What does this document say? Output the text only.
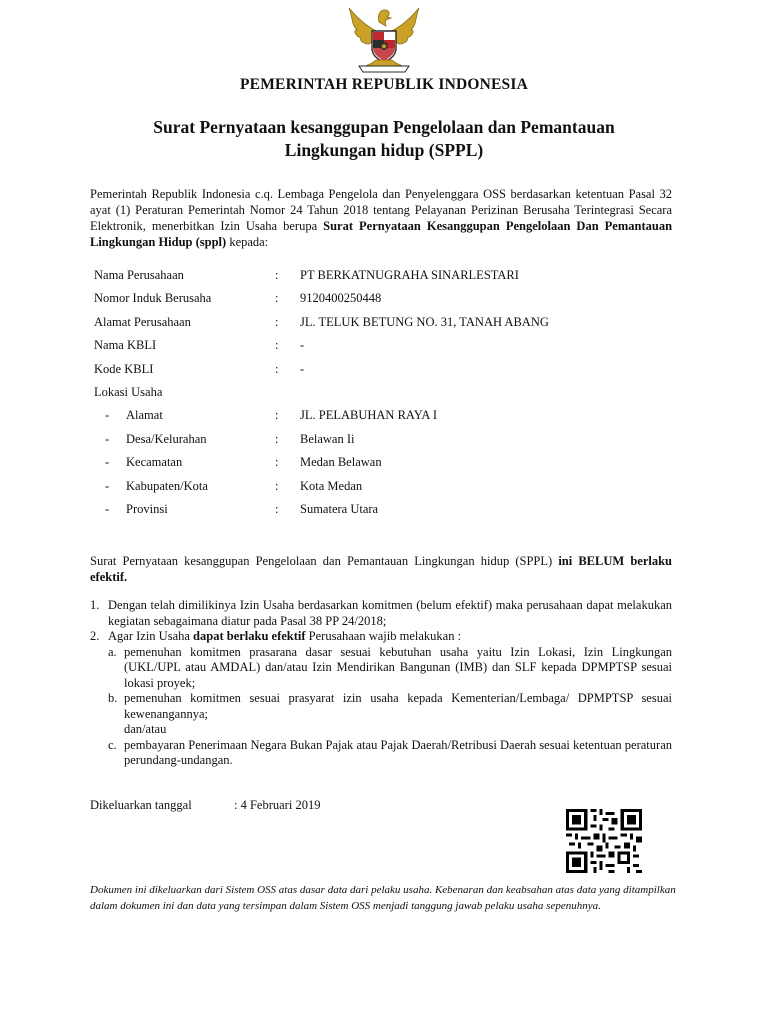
PEMERINTAH REPUBLIK INDONESIA
Surat Pernyataan kesanggupan Pengelolaan dan Pemantauan
Lingkungan hidup (SPPL)
Pemerintah Republik Indonesia c.q. Lembaga Pengelola dan Penyelenggara OSS berdasarkan ketentuan Pasal 32 ayat (1) Peraturan Pemerintah Nomor 24 Tahun 2018 tentang Pelayanan Perizinan Berusaha Terintegrasi Secara Elektronik, menerbitkan Izin Usaha berupa Surat Pernyataan Kesanggupan Pengelolaan Dan Pemantauan Lingkungan Hidup (sppl) kepada:
Nama Perusahaan	: PT BERKATNUGRAHA SINARLESTARI
Nomor Induk Berusaha	: 9120400250448
Alamat Perusahaan	: JL. TELUK BETUNG NO. 31, TANAH ABANG
Nama KBLI	: -
Kode KBLI	: -
Lokasi Usaha
- Alamat	: JL. PELABUHAN RAYA I
- Desa/Kelurahan	: Belawan Ii
- Kecamatan	: Medan Belawan
- Kabupaten/Kota	: Kota Medan
- Provinsi	: Sumatera Utara
Surat Pernyataan kesanggupan Pengelolaan dan Pemantauan Lingkungan hidup (SPPL) ini BELUM berlaku efektif.
1. Dengan telah dimilikinya Izin Usaha berdasarkan komitmen (belum efektif) maka perusahaan dapat melakukan kegiatan sebagaimana diatur pada Pasal 38 PP 24/2018;
2. Agar Izin Usaha dapat berlaku efektif Perusahaan wajib melakukan :
a. pemenuhan komitmen prasarana dasar sesuai kebutuhan usaha yaitu Izin Lokasi, Izin Lingkungan (UKL/UPL atau AMDAL) dan/atau Izin Mendirikan Bangunan (IMB) dan SLF kepada DPMPTSP sesuai lokasi proyek;
b. pemenuhan komitmen sesuai prasyarat izin usaha kepada Kementerian/Lembaga/ DPMPTSP sesuai kewenangannya;
dan/atau
c. pembayaran Penerimaan Negara Bukan Pajak atau Pajak Daerah/Retribusi Daerah sesuai ketentuan peraturan perundang-undangan.
Dikeluarkan tanggal	: 4 Februari 2019
Dokumen ini dikeluarkan dari Sistem OSS atas dasar data dari pelaku usaha. Kebenaran dan keabsahan atas data yang ditampilkan dalam dokumen ini dan data yang tersimpan dalam Sistem OSS menjadi tanggung jawab pelaku usaha sepenuhnya.
